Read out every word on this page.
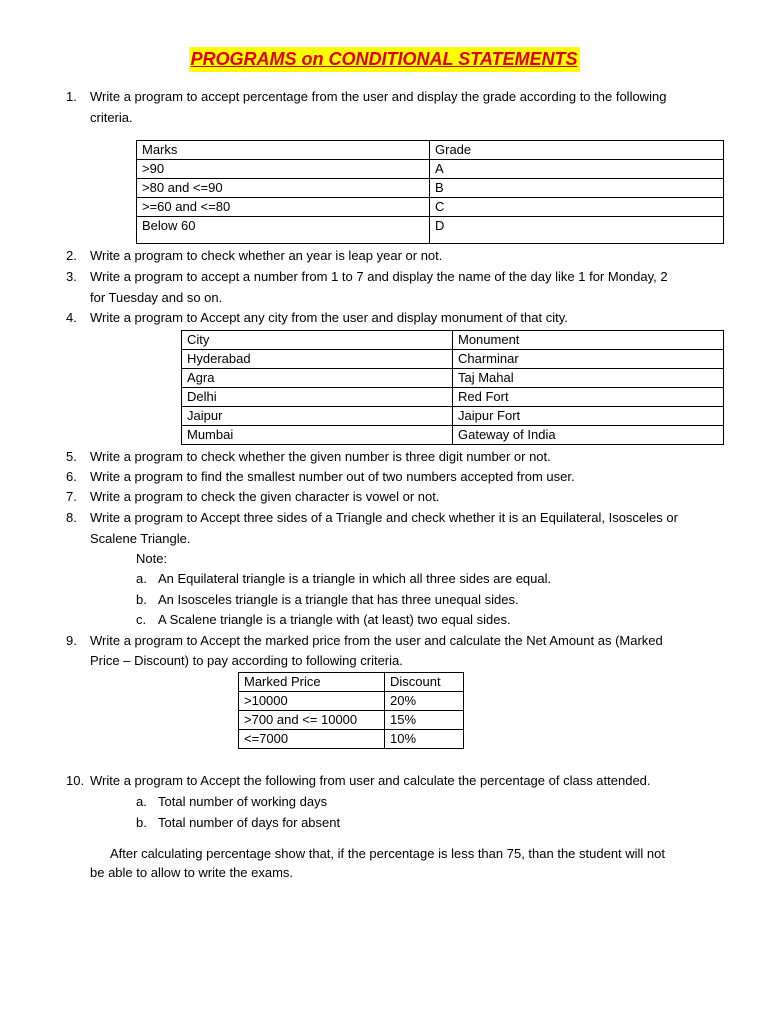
PROGRAMS on CONDITIONAL STATEMENTS
1. Write a program to accept percentage from the user and display the grade according to the following
criteria.
Marks	Grade
>90	A
>80 and <=90	B
>=60 and <=80	C
Below 60	D
2. Write a program to check whether an year is leap year or not.
3. Write a program to accept a number from 1 to 7 and display the name of the day like 1 for Monday, 2
for Tuesday and so on.
4. Write a program to Accept any city from the user and display monument of that city.
City	Monument
Hyderabad	Charminar
Agra	Taj Mahal
Delhi	Red Fort
Jaipur	Jaipur Fort
Mumbai	Gateway of India
5. Write a program to check whether the given number is three digit number or not.
6. Write a program to find the smallest number out of two numbers accepted from user.
7. Write a program to check the given character is vowel or not.
8. Write a program to Accept three sides of a Triangle and check whether it is an Equilateral, Isosceles or
Scalene Triangle.
Note:
a. An Equilateral triangle is a triangle in which all three sides are equal.
b. An Isosceles triangle is a triangle that has three unequal sides.
c. A Scalene triangle is a triangle with (at least) two equal sides.
9. Write a program to Accept the marked price from the user and calculate the Net Amount as (Marked
Price – Discount) to pay according to following criteria.
Marked Price	Discount
>10000	20%
>700 and <= 10000	15%
<=7000	10%
10. Write a program to Accept the following from user and calculate the percentage of class attended.
a. Total number of working days
b. Total number of days for absent
After calculating percentage show that, if the percentage is less than 75, than the student will not
be able to allow to write the exams.
